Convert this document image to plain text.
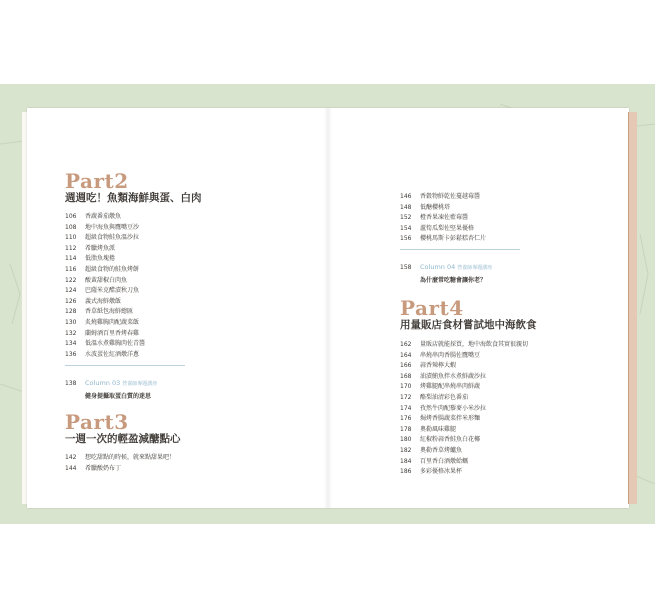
Part2
週週吃！魚類海鮮與蛋、白肉
106 香蔬番茄燉魚
108 地中海魚與鷹嘴豆沙
110 超級食物鮭魚溫沙拉
112 希臘烤魚派
114 低脂魚塊捲
116 超級食物的鮭魚烤餅
122 酸黃甜椒白肉魚
124 巴薩米克醋漬秋刀魚
126 義式海鮮燉飯
128 香草紙包海鮮總匯
130 炙燒雞胸肉配蔬菜飯
132 蘭姆酒百里香烤春雞
134 低溫水煮雞胸肉佐青醬
136 水波蛋佐紅酒燉洋蔥
138 Column 03 營養師專題講座
健身提攝取蛋白質的迷思
Part3
一週一次的輕盈減醣點心
142 想吃甜點的時候，就來點甜果吧！
144 希臘酸奶布丁
146 香穀物鮮乾佐蔓越莓醬
148 低醣櫻桃塔
152 橙香果凍佐藍莓醬
154 蘆筍瓜梨佐堅果優格
156 櫻桃馬斯卡彭鬆糕杏仁片
158 Column 04 營養師專題講座
為什麼常吃糖會讓你老？
Part4
用量販店食材嘗試地中海飲食
162 量販店就能採買，地中海飲食其實很親切
164 串燒串肉香腸佐鷹嘴豆
166 蒜香辣檸大蝦
168 油漬鮪魚拌水煮鮮蔬沙拉
170 烤雞腿配串燒串肉鮮蔬
172 酪梨油清彩色番茄
174 孜然牛肉配藜麥小米沙拉
176 焗烤香腸蔬菜拌米形麵
178 奧勒風味雞腿
180 紅椒粉蒜香鮭魚白花椰
182 奧勒香草烤鱸魚
184 百里香白酒燉蛤蠣
186 多彩優格冰果杯
